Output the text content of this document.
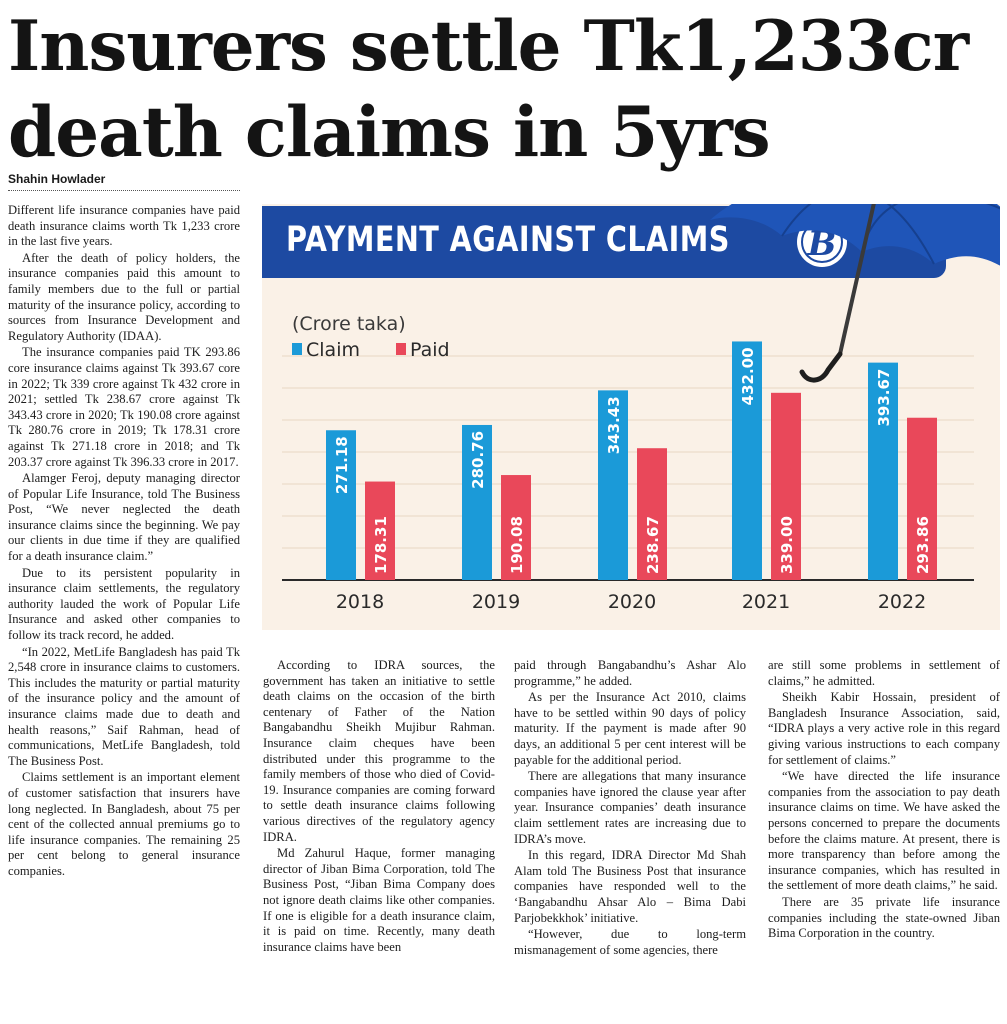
Insurers settle Tk1,233cr
death claims in 5yrs
Shahin Howlader

Different life insurance companies have paid death insurance claims worth Tk 1,233 crore in the last five years.

After the death of policy holders, the insurance companies paid this amount to family members due to the full or partial maturity of the insurance policy, according to sources from Insurance Development and Regulatory Authority (IDAA).

The insurance companies paid TK 293.86 core insurance claims against Tk 393.67 core in 2022; Tk 339 crore against Tk 432 crore in 2021; settled Tk 238.67 crore against Tk 343.43 crore in 2020; Tk 190.08 crore against Tk 280.76 crore in 2019; Tk 178.31 crore against Tk 271.18 crore in 2018; and Tk 203.37 crore against Tk 396.33 crore in 2017.

Alamger Feroj, deputy managing director of Popular Life Insurance, told The Business Post, “We never neglected the death insurance claims since the beginning. We pay our clients in due time if they are qualified for a death insurance claim.”

Due to its persistent popularity in insurance claim settlements, the regulatory authority lauded the work of Popular Life Insurance and asked other companies to follow its track record, he added.

“In 2022, MetLife Bangladesh has paid Tk 2,548 crore in insurance claims to customers. This includes the maturity or partial maturity of the insurance policy and the amount of insurance claims made due to death and health reasons,” Saif Rahman, head of communications, MetLife Bangladesh, told The Business Post.

Claims settlement is an important element of customer satisfaction that insurers have long neglected. In Bangladesh, about 75 per cent of the collected annual premiums go to life insurance companies. The remaining 25 per cent belong to general insurance companies.

PAYMENT AGAINST CLAIMS
(Crore taka)
Claim	Paid
271.18
178.31
2018
280.76
190.08
2019
343.43
238.67
2020
432.00
339.00
2021
393.67
293.86
2022
B

According to IDRA sources, the government has taken an initiative to settle death claims on the occasion of the birth centenary of Father of the Nation Bangabandhu Sheikh Mujibur Rahman. Insurance claim cheques have been distributed under this programme to the family members of those who died of Covid-19. Insurance companies are coming forward to settle death insurance claims following various directives of the regulatory agency IDRA.

Md Zahurul Haque, former managing director of Jiban Bima Corporation, told The Business Post, “Jiban Bima Company does not ignore death claims like other companies. If one is eligible for a death insurance claim, it is paid on time. Recently, many death insurance claims have been

paid through Bangabandhu’s Ashar Alo programme,” he added.

As per the Insurance Act 2010, claims have to be settled within 90 days of policy maturity. If the payment is made after 90 days, an additional 5 per cent interest will be payable for the additional period.

There are allegations that many insurance companies have ignored the clause year after year. Insurance companies’ death insurance claim settlement rates are increasing due to IDRA’s move.

In this regard, IDRA Director Md Shah Alam told The Business Post that insurance companies have responded well to the ‘Bangabandhu Ahsar Alo – Bima Dabi Parjobekkhok’ initiative.

“However, due to long-term mismanagement of some agencies, there

are still some problems in settlement of claims,” he admitted.

Sheikh Kabir Hossain, president of Bangladesh Insurance Association, said, “IDRA plays a very active role in this regard giving various instructions to each company for settlement of claims.”

“We have directed the life insurance companies from the association to pay death insurance claims on time. We have asked the persons concerned to prepare the documents before the claims mature. At present, there is more transparency than before among the insurance companies, which has resulted in the settlement of more death claims,” he said.

There are 35 private life insurance companies including the state-owned Jiban Bima Corporation in the country.
